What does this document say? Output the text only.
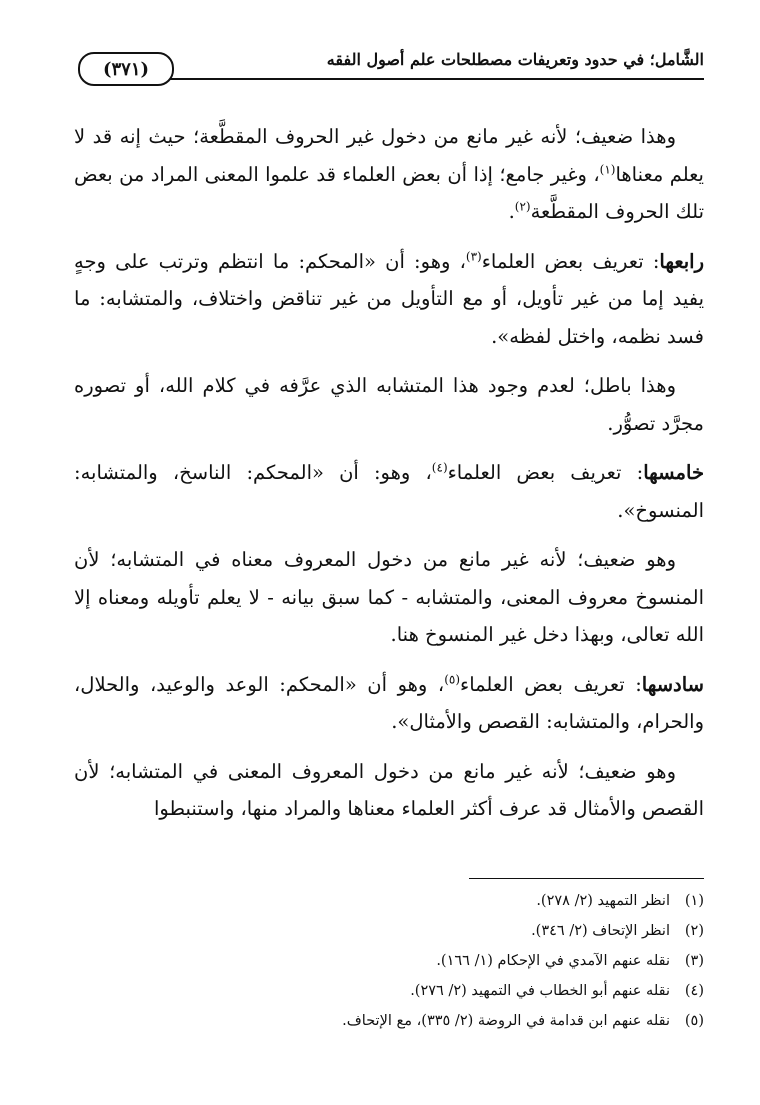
الشَّامل؛ في حدود وتعريفات مصطلحات علم أصول الفقه
(٣٧١)

وهذا ضعيف؛ لأنه غير مانع من دخول غير الحروف المقطَّعة؛ حيث إنه قد لا يعلم معناها$^{(١)}$، وغير جامع؛ إذا أن بعض العلماء قد علموا المعنى المراد من بعض تلك الحروف المقطَّعة$^{(٢)}$.

رابعها: تعريف بعض العلماء$^{(٣)}$، وهو: أن «المحكم: ما انتظم وترتب على وجهٍ يفيد إما من غير تأويل، أو مع التأويل من غير تناقض واختلاف، والمتشابه: ما فسد نظمه، واختل لفظه».

وهذا باطل؛ لعدم وجود هذا المتشابه الذي عرَّفه في كلام الله، أو تصوره مجرَّد تصوُّر.

خامسها: تعريف بعض العلماء$^{(٤)}$، وهو: أن «المحكم: الناسخ، والمتشابه: المنسوخ».

وهو ضعيف؛ لأنه غير مانع من دخول المعروف معناه في المتشابه؛ لأن المنسوخ معروف المعنى، والمتشابه - كما سبق بيانه - لا يعلم تأويله ومعناه إلا الله تعالى، وبهذا دخل غير المنسوخ هنا.

سادسها: تعريف بعض العلماء$^{(٥)}$، وهو أن «المحكم: الوعد والوعيد، والحلال، والحرام، والمتشابه: القصص والأمثال».

وهو ضعيف؛ لأنه غير مانع من دخول المعروف المعنى في المتشابه؛ لأن القصص والأمثال قد عرف أكثر العلماء معناها والمراد منها، واستنبطوا

(١)انظر التمهيد (٢/ ٢٧٨).
(٢)انظر الإتحاف (٢/ ٣٤٦).
(٣)نقله عنهم الآمدي في الإحكام (١/ ١٦٦).
(٤)نقله عنهم أبو الخطاب في التمهيد (٢/ ٢٧٦).
(٥)نقله عنهم ابن قدامة في الروضة (٢/ ٣٣٥)، مع الإتحاف.
